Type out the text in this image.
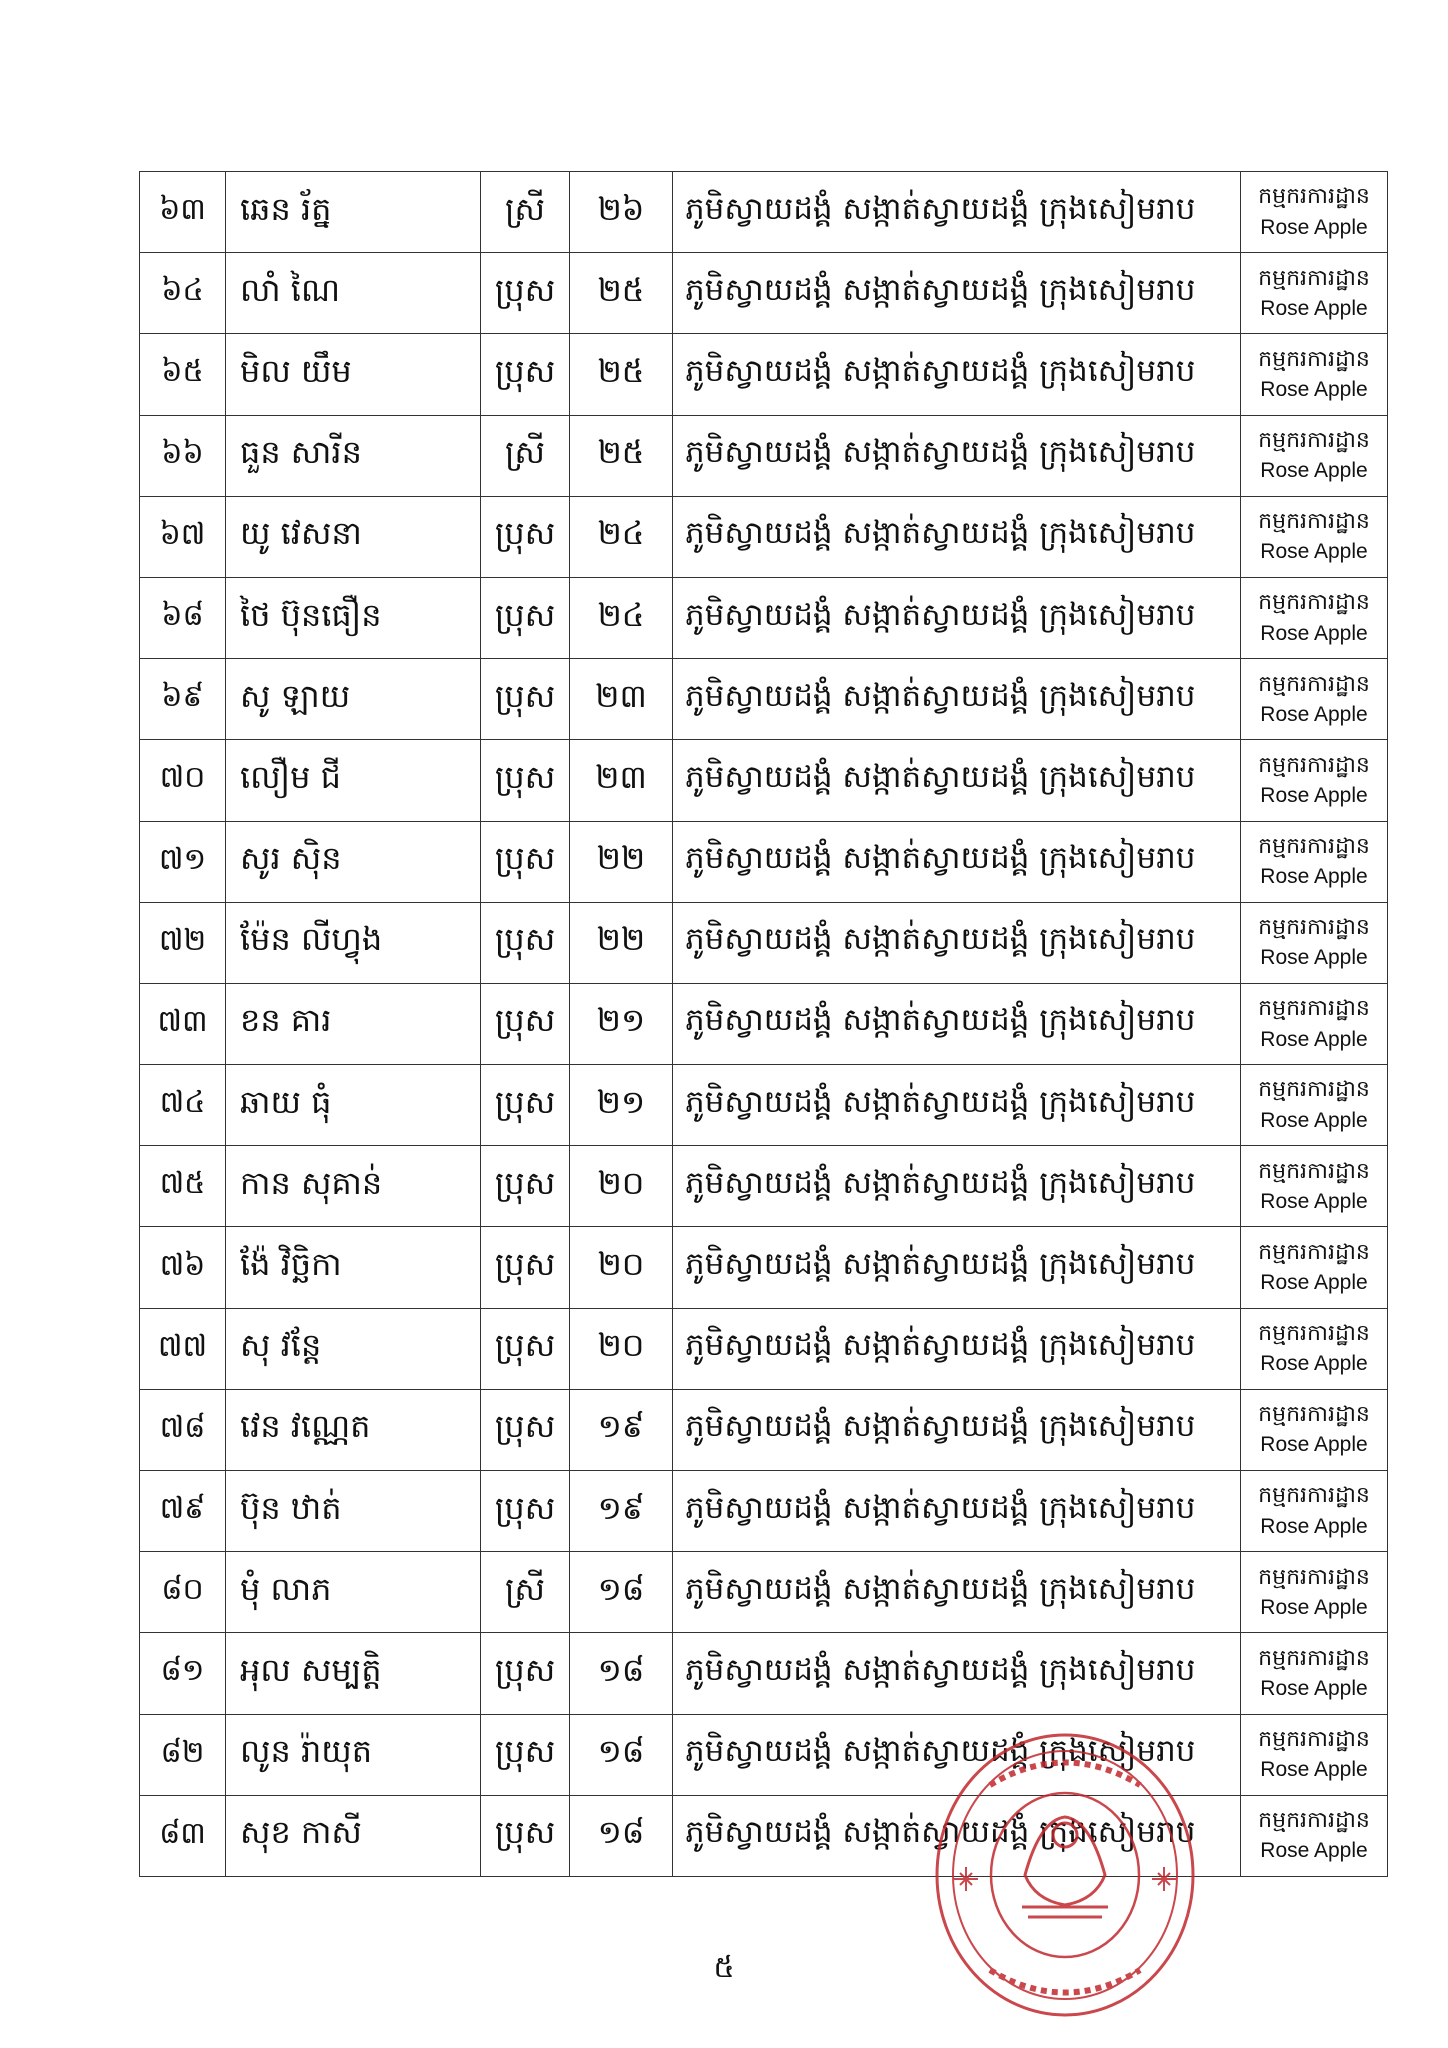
៦៣	ឆេន រ័ត្ន	ស្រី	២៦	ភូមិស្វាយដង្គំ សង្កាត់ស្វាយដង្គំ ក្រុងសៀមរាប	កម្មករការដ្ឋាន
Rose Apple

៦៤	លាំ ណៃ	ប្រុស	២៥	ភូមិស្វាយដង្គំ សង្កាត់ស្វាយដង្គំ ក្រុងសៀមរាប	កម្មករការដ្ឋាន
Rose Apple

៦៥	មិល យឹម	ប្រុស	២៥	ភូមិស្វាយដង្គំ សង្កាត់ស្វាយដង្គំ ក្រុងសៀមរាប	កម្មករការដ្ឋាន
Rose Apple

៦៦	ធួន សារីន	ស្រី	២៥	ភូមិស្វាយដង្គំ សង្កាត់ស្វាយដង្គំ ក្រុងសៀមរាប	កម្មករការដ្ឋាន
Rose Apple

៦៧	យូ វេសនា	ប្រុស	២៤	ភូមិស្វាយដង្គំ សង្កាត់ស្វាយដង្គំ ក្រុងសៀមរាប	កម្មករការដ្ឋាន
Rose Apple

៦៨	ថៃ ប៊ុនធឿន	ប្រុស	២៤	ភូមិស្វាយដង្គំ សង្កាត់ស្វាយដង្គំ ក្រុងសៀមរាប	កម្មករការដ្ឋាន
Rose Apple

៦៩	សូ ឡាយ	ប្រុស	២៣	ភូមិស្វាយដង្គំ សង្កាត់ស្វាយដង្គំ ក្រុងសៀមរាប	កម្មករការដ្ឋាន
Rose Apple

៧០	លឿម ជី	ប្រុស	២៣	ភូមិស្វាយដង្គំ សង្កាត់ស្វាយដង្គំ ក្រុងសៀមរាប	កម្មករការដ្ឋាន
Rose Apple

៧១	សូរ ស៊ិន	ប្រុស	២២	ភូមិស្វាយដង្គំ សង្កាត់ស្វាយដង្គំ ក្រុងសៀមរាប	កម្មករការដ្ឋាន
Rose Apple

៧២	ម៉ែន លីហ្វុង	ប្រុស	២២	ភូមិស្វាយដង្គំ សង្កាត់ស្វាយដង្គំ ក្រុងសៀមរាប	កម្មករការដ្ឋាន
Rose Apple

៧៣	ខន គារ	ប្រុស	២១	ភូមិស្វាយដង្គំ សង្កាត់ស្វាយដង្គំ ក្រុងសៀមរាប	កម្មករការដ្ឋាន
Rose Apple

៧៤	ឆាយ ធុំ	ប្រុស	២១	ភូមិស្វាយដង្គំ សង្កាត់ស្វាយដង្គំ ក្រុងសៀមរាប	កម្មករការដ្ឋាន
Rose Apple

៧៥	កាន សុគាន់	ប្រុស	២០	ភូមិស្វាយដង្គំ សង្កាត់ស្វាយដង្គំ ក្រុងសៀមរាប	កម្មករការដ្ឋាន
Rose Apple

៧៦	ង៉ែ វិច្ឆិកា	ប្រុស	២០	ភូមិស្វាយដង្គំ សង្កាត់ស្វាយដង្គំ ក្រុងសៀមរាប	កម្មករការដ្ឋាន
Rose Apple

៧៧	សុ វន្តែ	ប្រុស	២០	ភូមិស្វាយដង្គំ សង្កាត់ស្វាយដង្គំ ក្រុងសៀមរាប	កម្មករការដ្ឋាន
Rose Apple

៧៨	វេន វណ្ណេត	ប្រុស	១៩	ភូមិស្វាយដង្គំ សង្កាត់ស្វាយដង្គំ ក្រុងសៀមរាប	កម្មករការដ្ឋាន
Rose Apple

៧៩	ប៊ុន ឋាត់	ប្រុស	១៩	ភូមិស្វាយដង្គំ សង្កាត់ស្វាយដង្គំ ក្រុងសៀមរាប	កម្មករការដ្ឋាន
Rose Apple

៨០	មុំ លាភ	ស្រី	១៨	ភូមិស្វាយដង្គំ សង្កាត់ស្វាយដង្គំ ក្រុងសៀមរាប	កម្មករការដ្ឋាន
Rose Apple

៨១	អុល សម្បត្តិ	ប្រុស	១៨	ភូមិស្វាយដង្គំ សង្កាត់ស្វាយដង្គំ ក្រុងសៀមរាប	កម្មករការដ្ឋាន
Rose Apple

៨២	លូន រ៉ាយុត	ប្រុស	១៨	ភូមិស្វាយដង្គំ សង្កាត់ស្វាយដង្គំ ក្រុងសៀមរាប	កម្មករការដ្ឋាន
Rose Apple

៨៣	សុខ កាសី	ប្រុស	១៨	ភូមិស្វាយដង្គំ សង្កាត់ស្វាយដង្គំ ក្រុងសៀមរាប	កម្មករការដ្ឋាន
Rose Apple
៥
